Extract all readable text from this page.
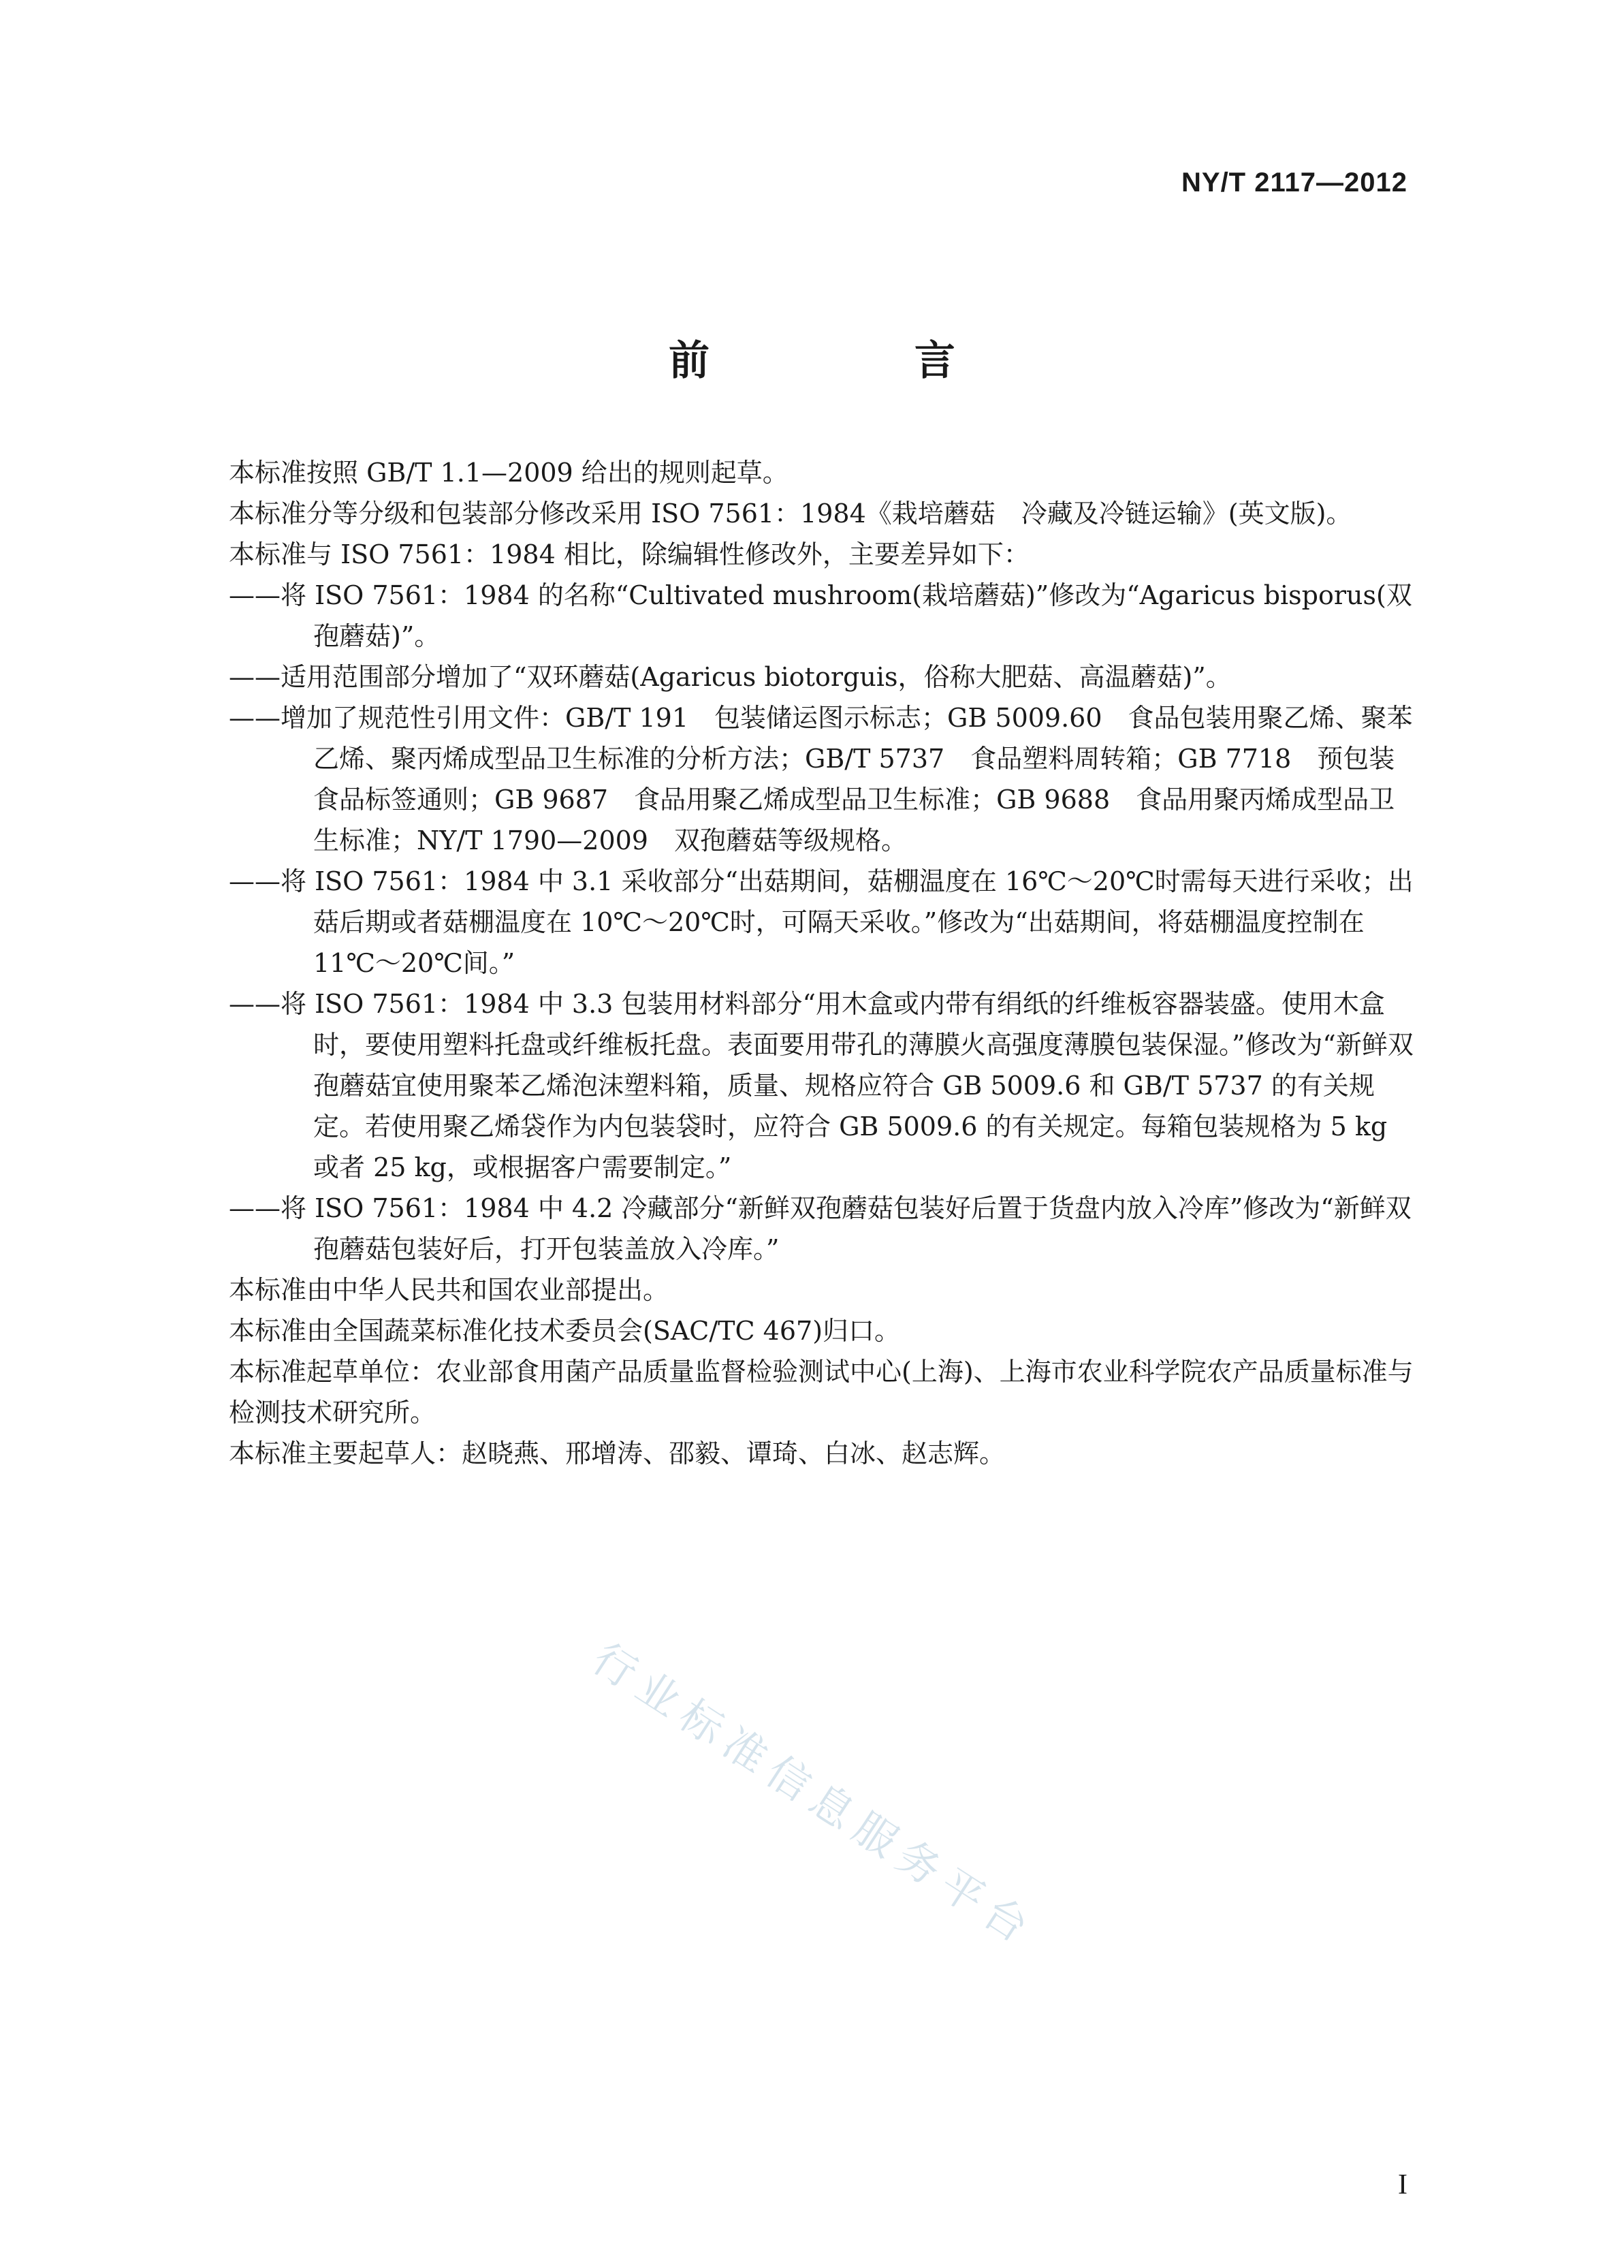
NY/T 2117—2012
前 言

本标准按照 GB/T 1.1—2009 给出的规则起草。

本标准分等分级和包装部分修改采用 ISO 7561：1984《栽培蘑菇　冷藏及冷链运输》(英文版)。

本标准与 ISO 7561：1984 相比，除编辑性修改外，主要差异如下：

——将 ISO 7561：1984 的名称“Cultivated mushroom(栽培蘑菇)”修改为“Agaricus bisporus(双孢蘑菇)”。

——适用范围部分增加了“双环蘑菇(Agaricus biotorguis，俗称大肥菇、高温蘑菇)”。

——增加了规范性引用文件：GB/T 191　包装储运图示标志；GB 5009.60　食品包装用聚乙烯、聚苯乙烯、聚丙烯成型品卫生标准的分析方法；GB/T 5737　食品塑料周转箱；GB 7718　预包装食品标签通则；GB 9687　食品用聚乙烯成型品卫生标准；GB 9688　食品用聚丙烯成型品卫生标准；NY/T 1790—2009　双孢蘑菇等级规格。

——将 ISO 7561：1984 中 3.1 采收部分“出菇期间，菇棚温度在 16℃～20℃时需每天进行采收；出菇后期或者菇棚温度在 10℃～20℃时，可隔天采收。”修改为“出菇期间，将菇棚温度控制在 11℃～20℃间。”

——将 ISO 7561：1984 中 3.3 包装用材料部分“用木盒或内带有绢纸的纤维板容器装盛。使用木盒时，要使用塑料托盘或纤维板托盘。表面要用带孔的薄膜火高强度薄膜包装保湿。”修改为“新鲜双孢蘑菇宜使用聚苯乙烯泡沫塑料箱，质量、规格应符合 GB 5009.6 和 GB/T 5737 的有关规定。若使用聚乙烯袋作为内包装袋时，应符合 GB 5009.6 的有关规定。每箱包装规格为 5 kg 或者 25 kg，或根据客户需要制定。”

——将 ISO 7561：1984 中 4.2 冷藏部分“新鲜双孢蘑菇包装好后置于货盘内放入冷库”修改为“新鲜双孢蘑菇包装好后，打开包装盖放入冷库。”

本标准由中华人民共和国农业部提出。

本标准由全国蔬菜标准化技术委员会(SAC/TC 467)归口。

本标准起草单位：农业部食用菌产品质量监督检验测试中心(上海)、上海市农业科学院农产品质量标准与检测技术研究所。

本标准主要起草人：赵晓燕、邢增涛、邵毅、谭琦、白冰、赵志辉。

行业标准信息服务平台
I
